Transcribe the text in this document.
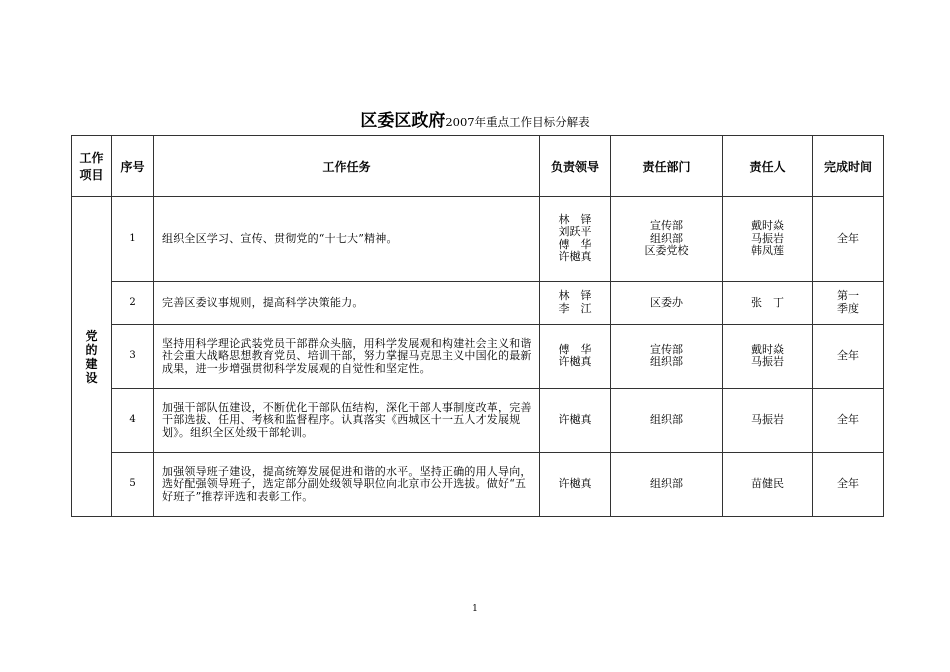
区委区政府2007年重点工作目标分解表
工作
项目	序号	工作任务	负责领导	责任部门	责任人	完成时间

党
的
建
设	1	组织全区学习、宣传、贯彻党的“十七大”精神。	林　铎
刘跃平
傅　华
许樾真	宣传部
组织部
区委党校	戴时焱
马振岩
韩凤莲	全年

	2	完善区委议事规则，提高科学决策能力。	林　铎
李　江	区委办	张　丁	第一
季度

	3	坚持用科学理论武装党员干部群众头脑，用科学发展观和构建社会主义和谐社会重大战略思想教育党员、培训干部，努力掌握马克思主义中国化的最新成果，进一步增强贯彻科学发展观的自觉性和坚定性。	傅　华
许樾真	宣传部
组织部	戴时焱
马振岩	全年

	4	加强干部队伍建设，不断优化干部队伍结构，深化干部人事制度改革，完善干部选拔、任用、考核和监督程序。认真落实《西城区十一五人才发展规划》。组织全区处级干部轮训。	许樾真	组织部	马振岩	全年

	5	加强领导班子建设，提高统筹发展促进和谐的水平。坚持正确的用人导向，选好配强领导班子，选定部分副处级领导职位向北京市公开选拔。做好“五好班子”推荐评选和表彰工作。	许樾真	组织部	苗健民	全年
1
